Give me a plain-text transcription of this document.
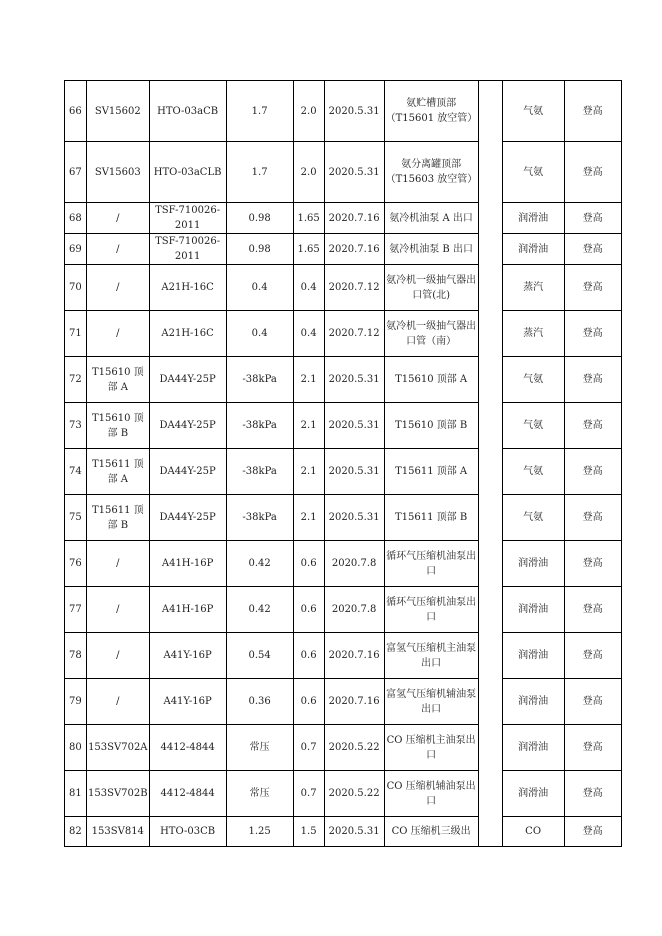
66	SV15602	HTO-03aCB	1.7	2.0	2020.5.31	氨贮槽顶部（T15601 放空管）		气氨	登高
67	SV15603	HTO-03aCLB	1.7	2.0	2020.5.31	氨分离罐顶部（T15603 放空管）		气氨	登高
68	/	TSF-710026-2011	0.98	1.65	2020.7.16	氨冷机油泵 A 出口		润滑油	登高
69	/	TSF-710026-2011	0.98	1.65	2020.7.16	氨冷机油泵 B 出口		润滑油	登高
70	/	A21H-16C	0.4	0.4	2020.7.12	氨冷机一级抽气器出口管(北)		蒸汽	登高
71	/	A21H-16C	0.4	0.4	2020.7.12	氨冷机一级抽气器出口管（南）		蒸汽	登高
72	T15610 顶部 A	DA44Y-25P	-38kPa	2.1	2020.5.31	T15610 顶部 A		气氨	登高
73	T15610 顶部 B	DA44Y-25P	-38kPa	2.1	2020.5.31	T15610 顶部 B		气氨	登高
74	T15611 顶部 A	DA44Y-25P	-38kPa	2.1	2020.5.31	T15611 顶部 A		气氨	登高
75	T15611 顶部 B	DA44Y-25P	-38kPa	2.1	2020.5.31	T15611 顶部 B		气氨	登高
76	/	A41H-16P	0.42	0.6	2020.7.8	循环气压缩机油泵出口		润滑油	登高
77	/	A41H-16P	0.42	0.6	2020.7.8	循环气压缩机油泵出口		润滑油	登高
78	/	A41Y-16P	0.54	0.6	2020.7.16	富氢气压缩机主油泵出口		润滑油	登高
79	/	A41Y-16P	0.36	0.6	2020.7.16	富氢气压缩机辅油泵出口		润滑油	登高
80	153SV702A	4412-4844	常压	0.7	2020.5.22	CO 压缩机主油泵出口		润滑油	登高
81	153SV702B	4412-4844	常压	0.7	2020.5.22	CO 压缩机辅油泵出口		润滑油	登高
82	153SV814	HTO-03CB	1.25	1.5	2020.5.31	CO 压缩机三级出		CO	登高
